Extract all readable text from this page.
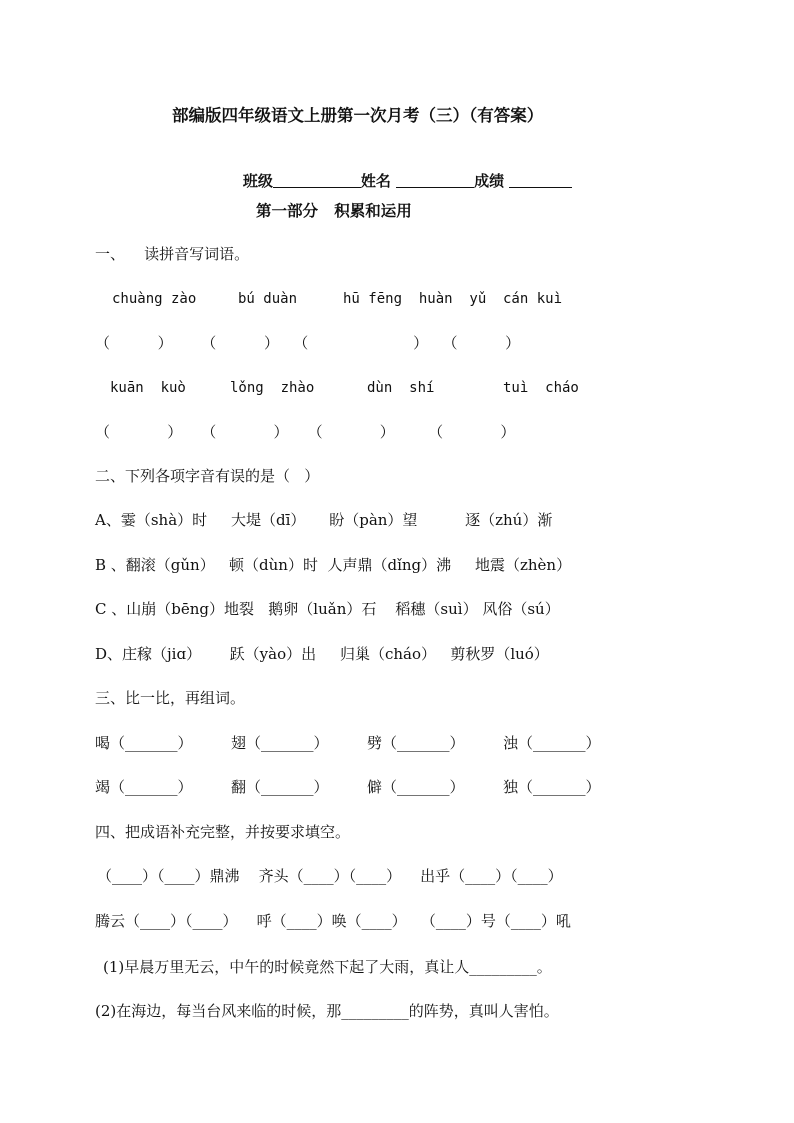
部编版四年级语文上册第一次月考（三）（有答案）

班级	姓名	成绩

第一部分   积累和运用
一、    读拼音写词语。
chuàng zào	bú duàn	hū fēng  huàn  yǔ cán kuì
（          ）      （          ）   （                      ）   （          ）
kuān  kuò	lǒng  zhào	dùn  shí	tuì  cháo
（            ）    （            ）    （            ）       （            ）
二、下列各项字音有误的是（   ）
A、霎（shà）时     大堤（dī）     盼（pàn）望          逐（zhú）渐
B 、翻滚（gǔn）   顿（dùn）时  人声鼎（dǐng）沸     地震（zhèn）
C 、山崩（bēng）地裂   鹅卵（luǎn）石    稻穗（suì） 风俗（sú）
D、庄稼（jiɑ）      跃（yào）出     归巢（cháo）   剪秋罗（luó）
三、比一比，再组词。
喝（_______）	翅（_______）	劈（_______）	浊（_______）
竭（_______）	翻（_______）	僻（_______）	独（_______）
四、把成语补充完整，并按要求填空。
（____）（____）鼎沸    齐头（____）（____）    出乎（____）（____）
腾云（____）（____）    呼（____）唤（____）   （____）号（____）吼
(1)早晨万里无云，中午的时候竟然下起了大雨，真让人_________。
(2)在海边，每当台风来临的时候，那_________的阵势，真叫人害怕。
